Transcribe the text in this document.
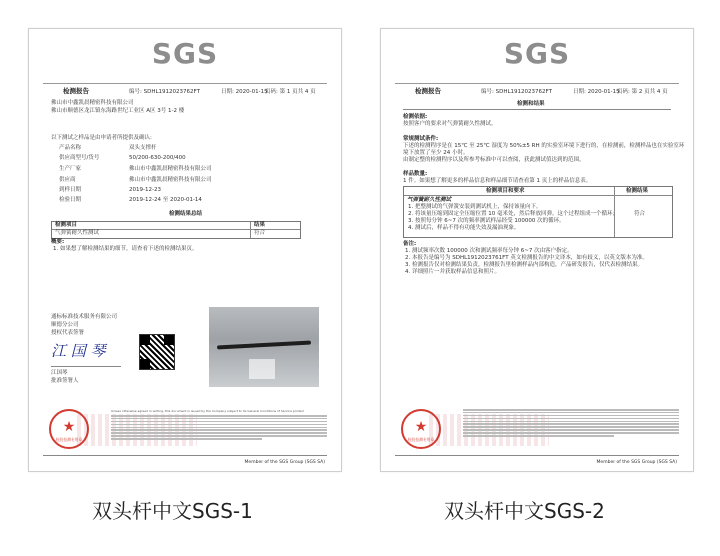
SGS
检测报告	编号: SDHL1912023762FT	日期: 2020-01-15
页码: 第 1 页共 4 页
佛山市中鑫凯晨精密科技有限公司
佛山市顺德区龙江镇东海路世纪工业区 A区 3号 1-2 楼
以下测试之样品是由申请者所提供及确认:
产品名称	双头支撑杆
供应商型号/货号	50/200-630-200/400
生产厂家	佛山市中鑫凯晨精密科技有限公司
供应商	佛山市中鑫凯晨精密科技有限公司
到样日期	2019-12-23
检验日期	2019-12-24 至 2020-01-14
检测结果总结
检测项目	结果
气弹簧耐久性测试	符合
概要:
1. 如果想了解检测结果的细节，请查看下述的检测结果页。
通标标准技术服务有限公司
顺德分公司
授权代表签署
江 国 琴
江国琴
批准签署人
★
检验检测专用章
Unless otherwise agreed in writing, this document is issued by the Company subject to its General Conditions of Service printed
Member of the SGS Group (SGS SA)
SGS
检测报告	编号: SDHL1912023762FT	日期: 2020-01-15
页码: 第 2 页共 4 页
检测和结果
检测依据:
按照客户的要求对气弹簧耐久性测试。
常规测试条件:
下述的检测程序是在 15℃ 至 25℃ 湿度为 50%±5 RH 的实验室环境下进行的，在检测前，检测样品也在实验室环
境下放置了至少 24 小时。
由制定整的检测程序以及所参考标准中可以查阅，获此测试值达到的范围。
样品数量:
1 件。如果想了解更多的样品信息和样品细节请查看第 1 页上的样品信息表。
检测项目和要求	检测结果
气弹簧耐久性测试
1. 把整测试的气弹簧安装到测试机上，保持该量向下。
2. 将该量压缩到固定全压缩位置 10 毫米处，然后释放回弹。这个过程组成一个循环；
3. 按照每分钟 6~7 次的频率测试样品经受 100000 次的循环。
4. 测试后，样品不得有功能失效及漏油现象。
符合
备注:
1. 测试频率次数 100000 次和测试频率每分钟 6~7 次由客户指定。
2. 本报告是编号为 SDHL1912023761FT 英文检测报告的中文译本，如有歧义，以英文版本为准。
3. 检测报告仅对检测结果负责，检测报告里检测样品内部构造，产品研发报告，仅代表检测结果。
4. 详细照片一并获取样品信息和照片。
★
检验检测专用章
Member of the SGS Group (SGS SA)
双头杆中文SGS-1	双头杆中文SGS-2
